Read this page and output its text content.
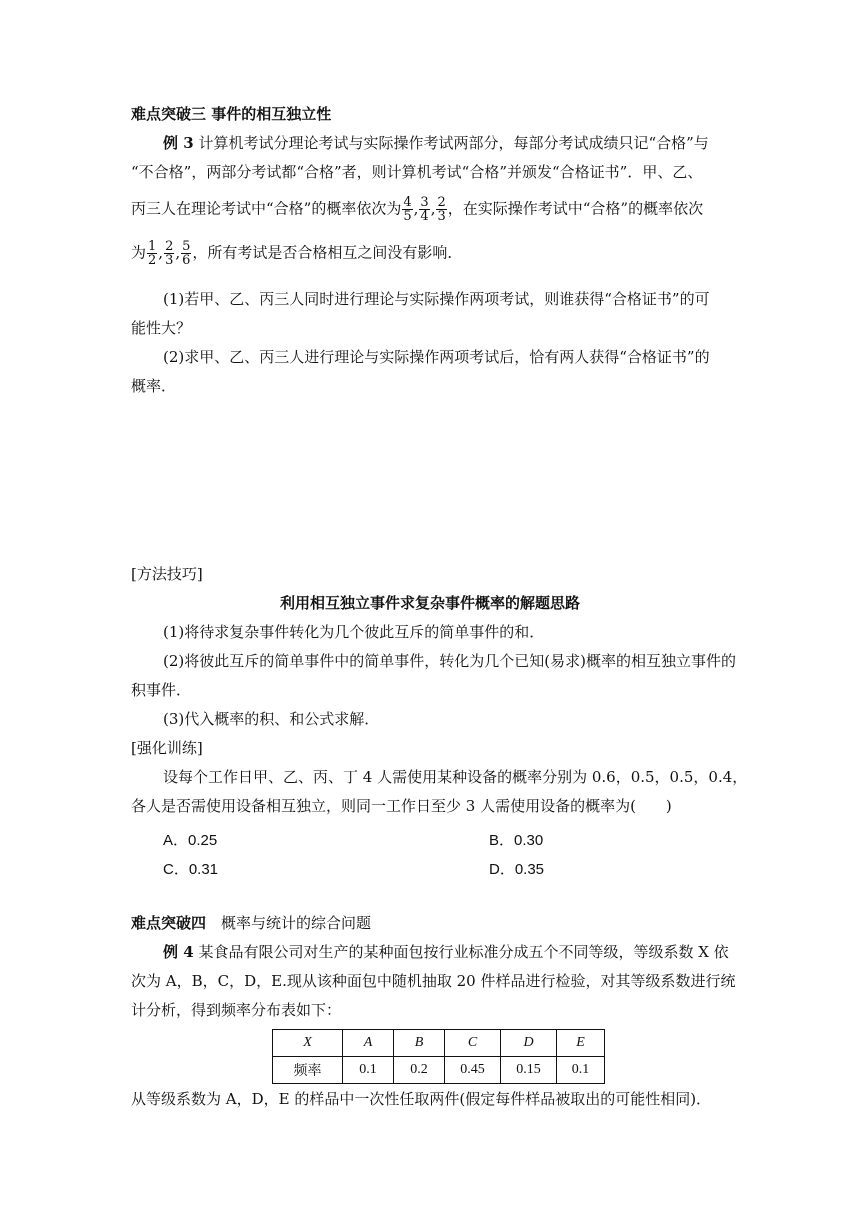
难点突破三 事件的相互独立性
例 3 计算机考试分理论考试与实际操作考试两部分，每部分考试成绩只记“合格”与
“不合格”，两部分考试都“合格”者，则计算机考试“合格”并颁发“合格证书”．甲、乙、
丙三人在理论考试中“合格”的概率依次为 $\frac{4}{5}$ , $\frac{3}{4}$ , $\frac{2}{3}$ ，在实际操作考试中“合格”的概率依次
为 $\frac{1}{2}$ , $\frac{2}{3}$ , $\frac{5}{6}$ ，所有考试是否合格相互之间没有影响．
(1)若甲、乙、丙三人同时进行理论与实际操作两项考试，则谁获得“合格证书”的可
能性大？
(2)求甲、乙、丙三人进行理论与实际操作两项考试后，恰有两人获得“合格证书”的
概率．
[方法技巧]
利用相互独立事件求复杂事件概率的解题思路
(1)将待求复杂事件转化为几个彼此互斥的简单事件的和．
(2)将彼此互斥的简单事件中的简单事件，转化为几个已知(易求)概率的相互独立事件的
积事件．
(3)代入概率的积、和公式求解．
[强化训练]
设每个工作日甲、乙、丙、丁 4 人需使用某种设备的概率分别为 0.6，0.5，0.5，0.4，
各人是否需使用设备相互独立，则同一工作日至少 3 人需使用设备的概率为(　　)
A．0.25	B．0.30
C．0.31	D．0.35
难点突破四　 概率与统计的综合问题
例 4 某食品有限公司对生产的某种面包按行业标准分成五个不同等级，等级系数 X 依
次为 A，B，C，D，E.现从该种面包中随机抽取 20 件样品进行检验，对其等级系数进行统
计分析，得到频率分布表如下：
X	A	B	C	D	E
频率	0.1	0.2	0.45	0.15	0.1
从等级系数为 A，D，E 的样品中一次性任取两件(假定每件样品被取出的可能性相同)．
